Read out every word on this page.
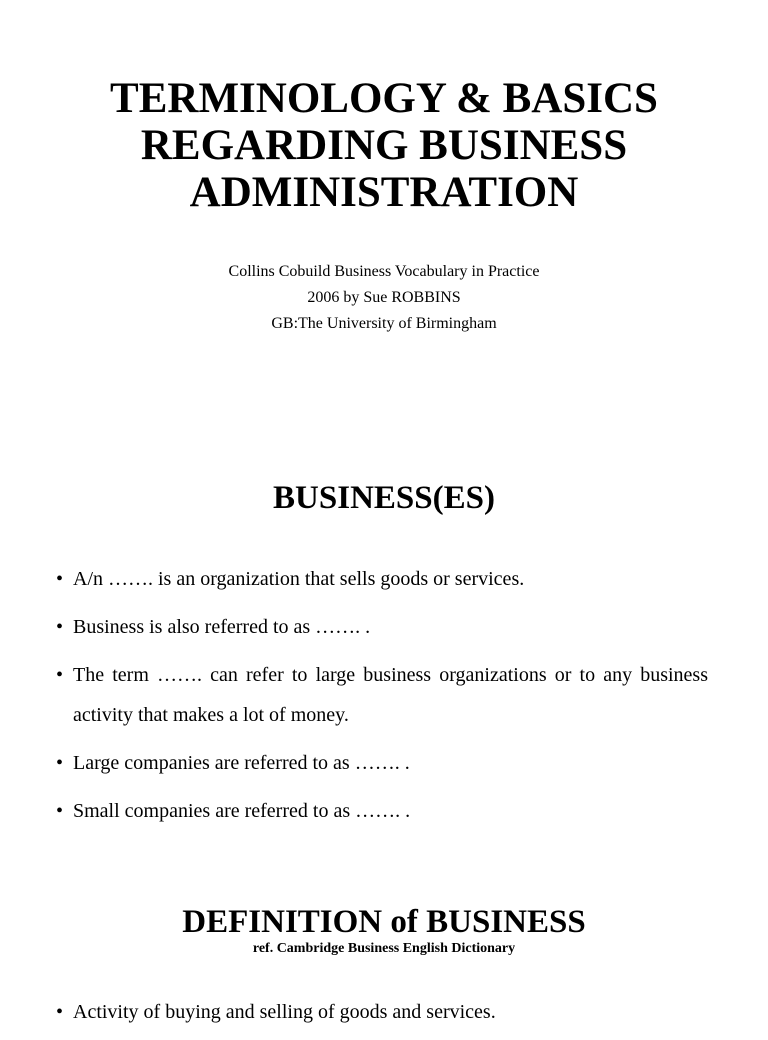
TERMINOLOGY & BASICS
REGARDING BUSINESS
ADMINISTRATION
Collins Cobuild Business Vocabulary in Practice
2006 by Sue ROBBINS
GB:The University of Birmingham
BUSINESS(ES)
• A/n ……. is an organization that sells goods or services.
• Business is also referred to as ……. .
• The term ……. can refer to large business organizations or to any business activity that makes a lot of money.
• Large companies are referred to as ……. .
• Small companies are referred to as ……. .
DEFINITION of BUSINESS
ref. Cambridge Business English Dictionary
• Activity of buying and selling of goods and services.
